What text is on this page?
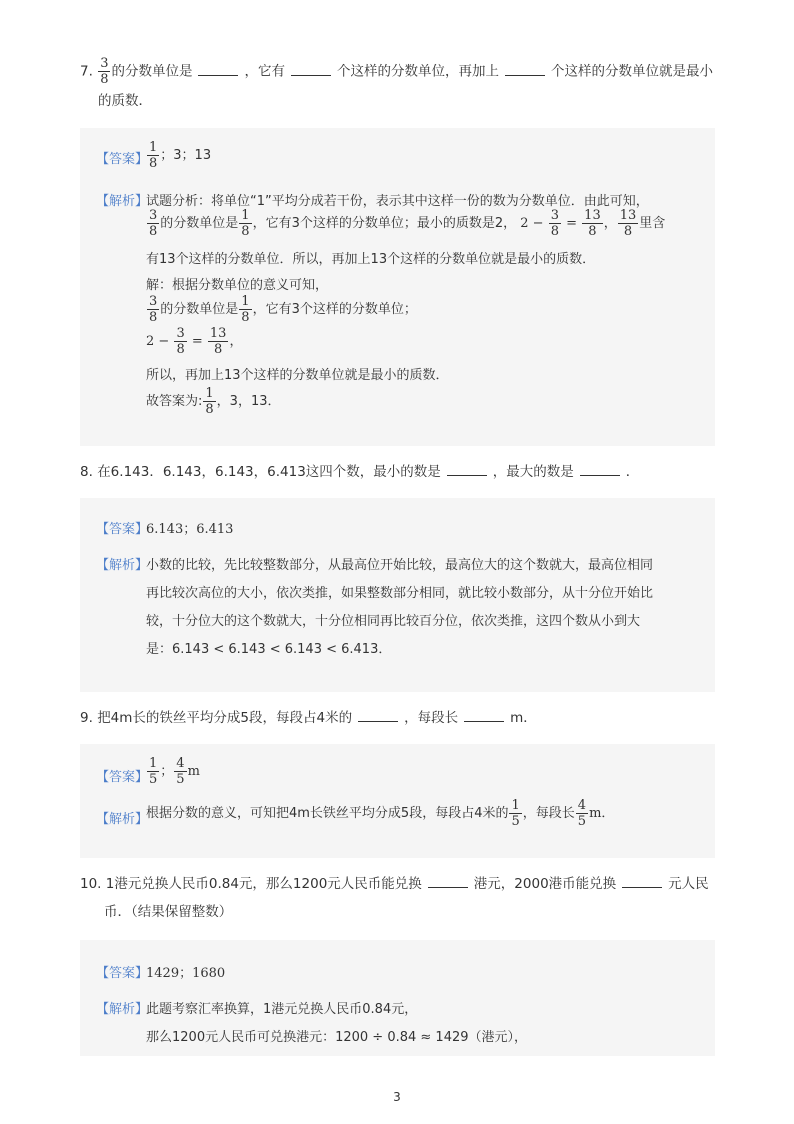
7. $\frac{3}{8}$ 的分数单位是	，它有	个这样的分数单位，再加上	个这样的分数单位就是最小
的质数．
【答案】
$\frac{1}{8}$ ；3；13
【解析】
试题分析：将单位“1”平均分成若干份，表示其中这样一份的数为分数单位．由此可知，
$\frac{3}{8}$ 的分数单位是 $\frac{1}{8}$ ，它有3个这样的分数单位；最小的质数是2， $2 - \frac{3}{8} = \frac{13}{8}$ ， $\frac{13}{8}$ 里含
有13个这样的分数单位．所以，再加上13个这样的分数单位就是最小的质数．
解：根据分数单位的意义可知，
$\frac{3}{8}$ 的分数单位是 $\frac{1}{8}$ ，它有3个这样的分数单位；
$2 - \frac{3}{8} = \frac{13}{8}$ ，
所以，再加上13个这样的分数单位就是最小的质数．
故答案为: $\frac{1}{8}$ ，3，13．
8. 在6.143．6.143，6.143，6.413这四个数，最小的数是	，最大的数是	．
【答案】
6.143；6.413
【解析】
小数的比较，先比较整数部分，从最高位开始比较，最高位大的这个数就大，最高位相同
再比较次高位的大小，依次类推，如果整数部分相同，就比较小数部分，从十分位开始比
较，十分位大的这个数就大，十分位相同再比较百分位，依次类推，这四个数从小到大
是：6.143 < 6.143 < 6.143 < 6.413．
9. 把4m长的铁丝平均分成5段，每段占4米的	，每段长	m．
【答案】
$\frac{1}{5}$ ； $\frac{4}{5}$ m
【解析】
根据分数的意义，可知把4m长铁丝平均分成5段，每段占4米的 $\frac{1}{5}$ ，每段长 $\frac{4}{5}$ m．
10. 1港元兑换人民币0.84元，那么1200元人民币能兑换	港元，2000港币能兑换	元人民
币．（结果保留整数）
【答案】
1429；1680
【解析】
此题考察汇率换算，1港元兑换人民币0.84元，
那么1200元人民币可兑换港元：1200 ÷ 0.84 ≈ 1429（港元），
3
